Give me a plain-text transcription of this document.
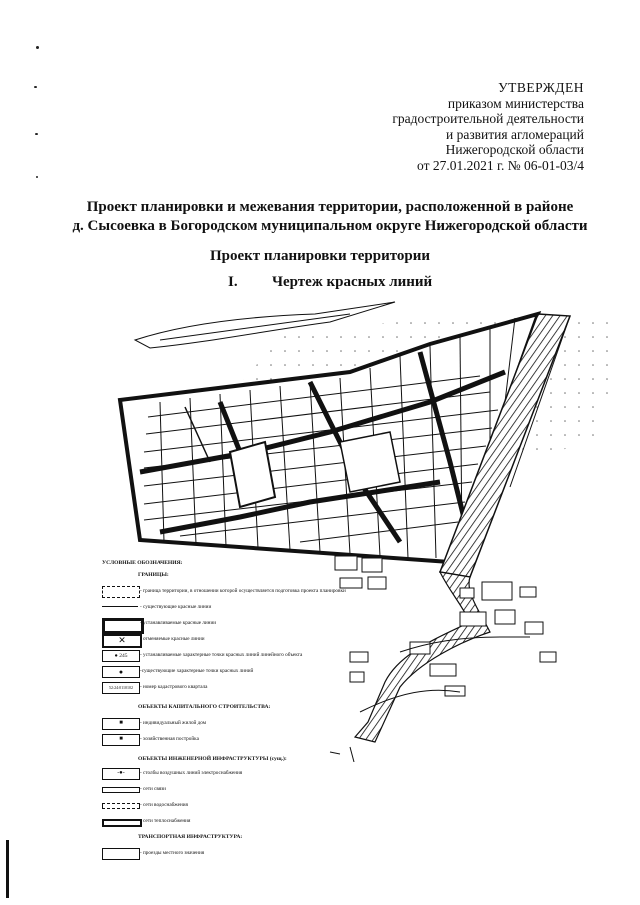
УТВЕРЖДЕН
приказом министерства
градостроительной деятельности
и развития агломераций
Нижегородской области
от 27.01.2021 г. № 06-01-03/4
Проект планировки и межевания территории, расположенной в районе
д. Сысоевка в Богородском муниципальном округе Нижегородской области
Проект планировки территории
I. Чертеж красных линий
УСЛОВНЫЕ ОБОЗНАЧЕНИЯ:
ГРАНИЦЫ:
- граница территории, в отношении которой осуществляется подготовка проекта планировки
- существующие красные линии
- устанавливаемые красные линии
✕	- отменяемые красные линии
● 245	- устанавливаемые характерные точки красных линий линейного объекта
●	-существующие характерные точки красных линий
52:24:0110102	- номер кадастрового квартала
ОБЪЕКТЫ КАПИТАЛЬНОГО СТРОИТЕЛЬСТВА:
■	- индивидуальный жилой дом
■	- хозяйственная постройка
ОБЪЕКТЫ ИНЖЕНЕРНОЙ ИНФРАСТРУКТУРЫ (сущ.):
-●-	- столбы воздушных линий электроснабжения
- сети связи
- сети водоснабжения
- сети теплоснабжения
ТРАНСПОРТНАЯ ИНФРАСТРУКТУРА:
- проезды местного значения
